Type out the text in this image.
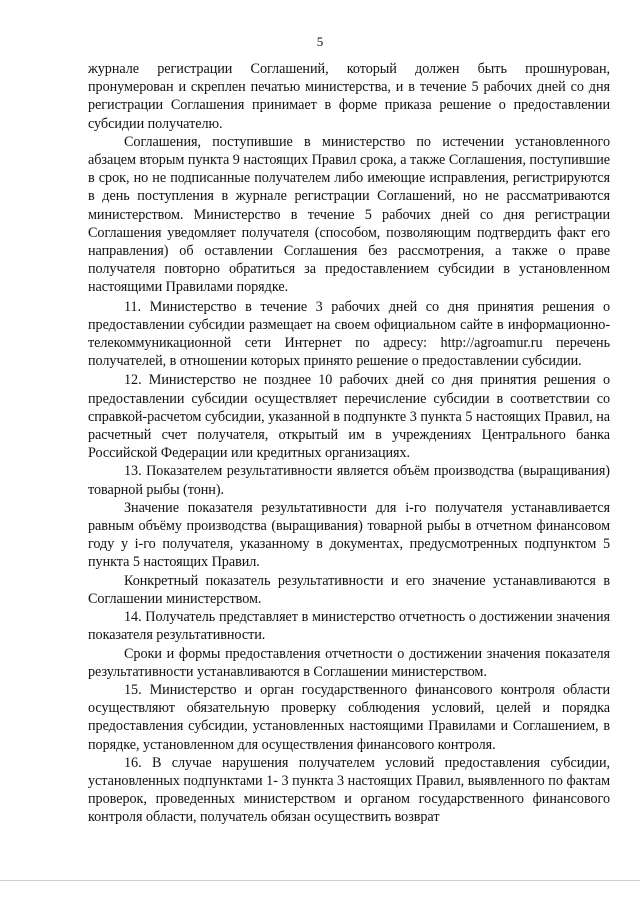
5

журнале регистрации Соглашений, который должен быть прошнурован, пронумерован и скреплен печатью министерства, и в течение 5 рабочих дней со дня регистрации Соглашения принимает в форме приказа решение о предоставлении субсидии получателю.

Соглашения, поступившие в министерство по истечении установленного абзацем вторым пункта 9 настоящих Правил срока, а также Соглашения, поступившие в срок, но не подписанные получателем либо имеющие исправления, регистрируются в день поступления в журнале регистрации Соглашений, но не рассматриваются министерством. Министерство в течение 5 рабочих дней со дня регистрации Соглашения уведомляет получателя (способом, позволяющим подтвердить факт его направления) об оставлении Соглашения без рассмотрения, а также о праве получателя повторно обратиться за предоставлением субсидии в установленном настоящими Правилами порядке.

11. Министерство в течение 3 рабочих дней со дня принятия решения о предоставлении субсидии размещает на своем официальном сайте в информационно-телекоммуникационной сети Интернет по адресу: http://agroamur.ru перечень получателей, в отношении которых принято решение о предоставлении субсидии.

12. Министерство не позднее 10 рабочих дней со дня принятия решения о предоставлении субсидии осуществляет перечисление субсидии в соответствии со справкой-расчетом субсидии, указанной в подпункте 3 пункта 5 настоящих Правил, на расчетный счет получателя, открытый им в учреждениях Центрального банка Российской Федерации или кредитных организациях.

13. Показателем результативности является объём производства (выращивания) товарной рыбы (тонн).

Значение показателя результативности для i-го получателя устанавливается равным объёму производства (выращивания) товарной рыбы в отчетном финансовом году у i-го получателя, указанному в документах, предусмотренных подпунктом 5 пункта 5 настоящих Правил.

Конкретный показатель результативности и его значение устанавливаются в Соглашении министерством.

14. Получатель представляет в министерство отчетность о достижении значения показателя результативности.

Сроки и формы предоставления отчетности о достижении значения показателя результативности устанавливаются в Соглашении министерством.

15. Министерство и орган государственного финансового контроля области осуществляют обязательную проверку соблюдения условий, целей и порядка предоставления субсидии, установленных настоящими Правилами и Соглашением, в порядке, установленном для осуществления финансового контроля.

16. В случае нарушения получателем условий предоставления субсидии, установленных подпунктами 1- 3 пункта 3 настоящих Правил, выявленного по фактам проверок, проведенных министерством и органом государственного финансового контроля области, получатель обязан осуществить возврат
